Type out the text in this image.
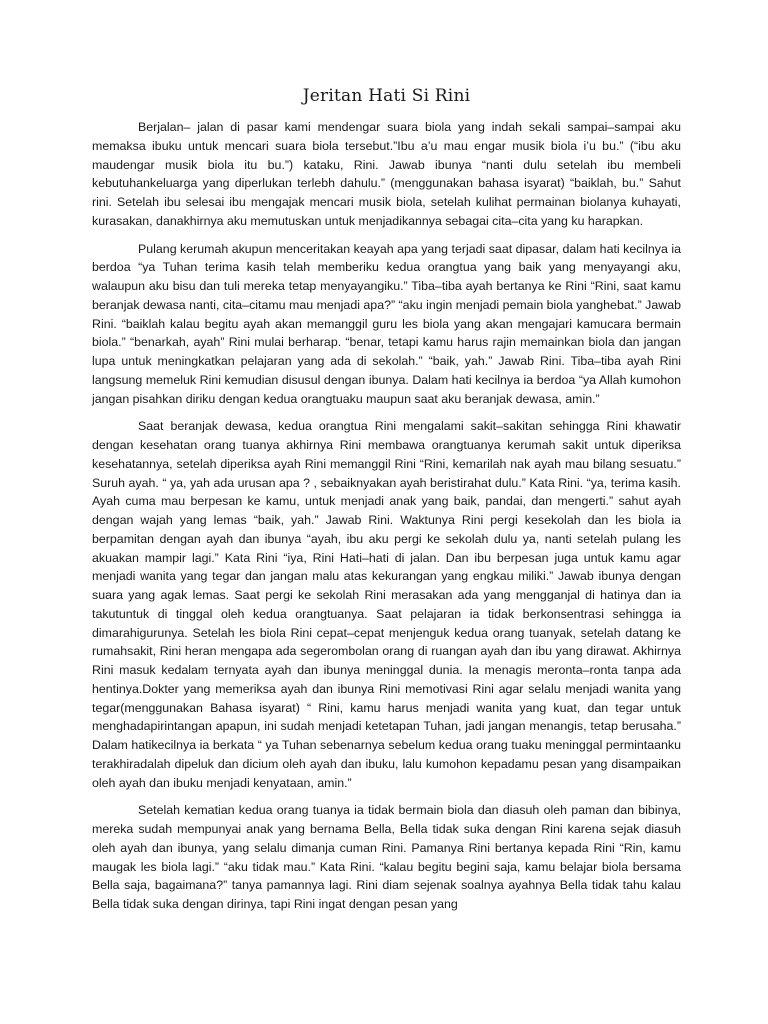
Jeritan Hati Si Rini

Berjalan– jalan di pasar kami mendengar suara biola yang indah sekali sampai–sampai aku memaksa ibuku untuk mencari suara biola tersebut.”Ibu a’u mau engar musik biola i’u bu.” (“ibu aku maudengar musik biola itu bu.”) kataku, Rini. Jawab ibunya “nanti dulu setelah ibu membeli kebutuhankeluarga yang diperlukan terlebh dahulu.” (menggunakan bahasa isyarat) “baiklah, bu.” Sahut rini. Setelah ibu selesai ibu mengajak mencari musik biola, setelah kulihat permainan biolanya kuhayati, kurasakan, danakhirnya aku memutuskan untuk menjadikannya sebagai cita–cita yang ku harapkan.

Pulang kerumah akupun menceritakan keayah apa yang terjadi saat dipasar, dalam hati kecilnya ia berdoa “ya Tuhan terima kasih telah memberiku kedua orangtua yang baik yang menyayangi aku, walaupun aku bisu dan tuli mereka tetap menyayangiku.” Tiba–tiba ayah bertanya ke Rini “Rini, saat kamu beranjak dewasa nanti, cita–citamu mau menjadi apa?” “aku ingin menjadi pemain biola yanghebat.” Jawab Rini. “baiklah kalau begitu ayah akan memanggil guru les biola yang akan mengajari kamucara bermain biola.” “benarkah, ayah” Rini mulai berharap. “benar, tetapi kamu harus rajin memainkan biola dan jangan lupa untuk meningkatkan pelajaran yang ada di sekolah.” “baik, yah.” Jawab Rini. Tiba–tiba ayah Rini langsung memeluk Rini kemudian disusul dengan ibunya. Dalam hati kecilnya ia berdoa “ya Allah kumohon jangan pisahkan diriku dengan kedua orangtuaku maupun saat aku beranjak dewasa, amin.”

Saat beranjak dewasa, kedua orangtua Rini mengalami sakit–sakitan sehingga Rini khawatir dengan kesehatan orang tuanya akhirnya Rini membawa orangtuanya kerumah sakit untuk diperiksa kesehatannya, setelah diperiksa ayah Rini memanggil Rini “Rini, kemarilah nak ayah mau bilang sesuatu.” Suruh ayah. “ ya, yah ada urusan apa ? , sebaiknyakan ayah beristirahat dulu.” Kata Rini. “ya, terima kasih. Ayah cuma mau berpesan ke kamu, untuk menjadi anak yang baik, pandai, dan mengerti.” sahut ayah dengan wajah yang lemas “baik, yah.” Jawab Rini. Waktunya Rini pergi kesekolah dan les biola ia berpamitan dengan ayah dan ibunya “ayah, ibu aku pergi ke sekolah dulu ya, nanti setelah pulang les akuakan mampir lagi.” Kata Rini “iya, Rini Hati–hati di jalan. Dan ibu berpesan juga untuk kamu agar menjadi wanita yang tegar dan jangan malu atas kekurangan yang engkau miliki.” Jawab ibunya dengan suara yang agak lemas. Saat pergi ke sekolah Rini merasakan ada yang mengganjal di hatinya dan ia takutuntuk di tinggal oleh kedua orangtuanya. Saat pelajaran ia tidak berkonsentrasi sehingga ia dimarahigurunya. Setelah les biola Rini cepat–cepat menjenguk kedua orang tuanyak, setelah datang ke rumahsakit, Rini heran mengapa ada segerombolan orang di ruangan ayah dan ibu yang dirawat. Akhirnya Rini masuk kedalam ternyata ayah dan ibunya meninggal dunia. Ia menagis meronta–ronta tanpa ada hentinya.Dokter yang memeriksa ayah dan ibunya Rini memotivasi Rini agar selalu menjadi wanita yang tegar(menggunakan Bahasa isyarat) “ Rini, kamu harus menjadi wanita yang kuat, dan tegar untuk menghadapirintangan apapun, ini sudah menjadi ketetapan Tuhan, jadi jangan menangis, tetap berusaha.” Dalam hatikecilnya ia berkata “ ya Tuhan sebenarnya sebelum kedua orang tuaku meninggal permintaanku terakhiradalah dipeluk dan dicium oleh ayah dan ibuku, lalu kumohon kepadamu pesan yang disampaikan oleh ayah dan ibuku menjadi kenyataan, amin.”

Setelah kematian kedua orang tuanya ia tidak bermain biola dan diasuh oleh paman dan bibinya, mereka sudah mempunyai anak yang bernama Bella, Bella tidak suka dengan Rini karena sejak diasuh oleh ayah dan ibunya, yang selalu dimanja cuman Rini. Pamanya Rini bertanya kepada Rini “Rin, kamu maugak les biola lagi.” “aku tidak mau.” Kata Rini. “kalau begitu begini saja, kamu belajar biola bersama Bella saja, bagaimana?” tanya pamannya lagi. Rini diam sejenak soalnya ayahnya Bella tidak tahu kalau Bella tidak suka dengan dirinya, tapi Rini ingat dengan pesan yang
